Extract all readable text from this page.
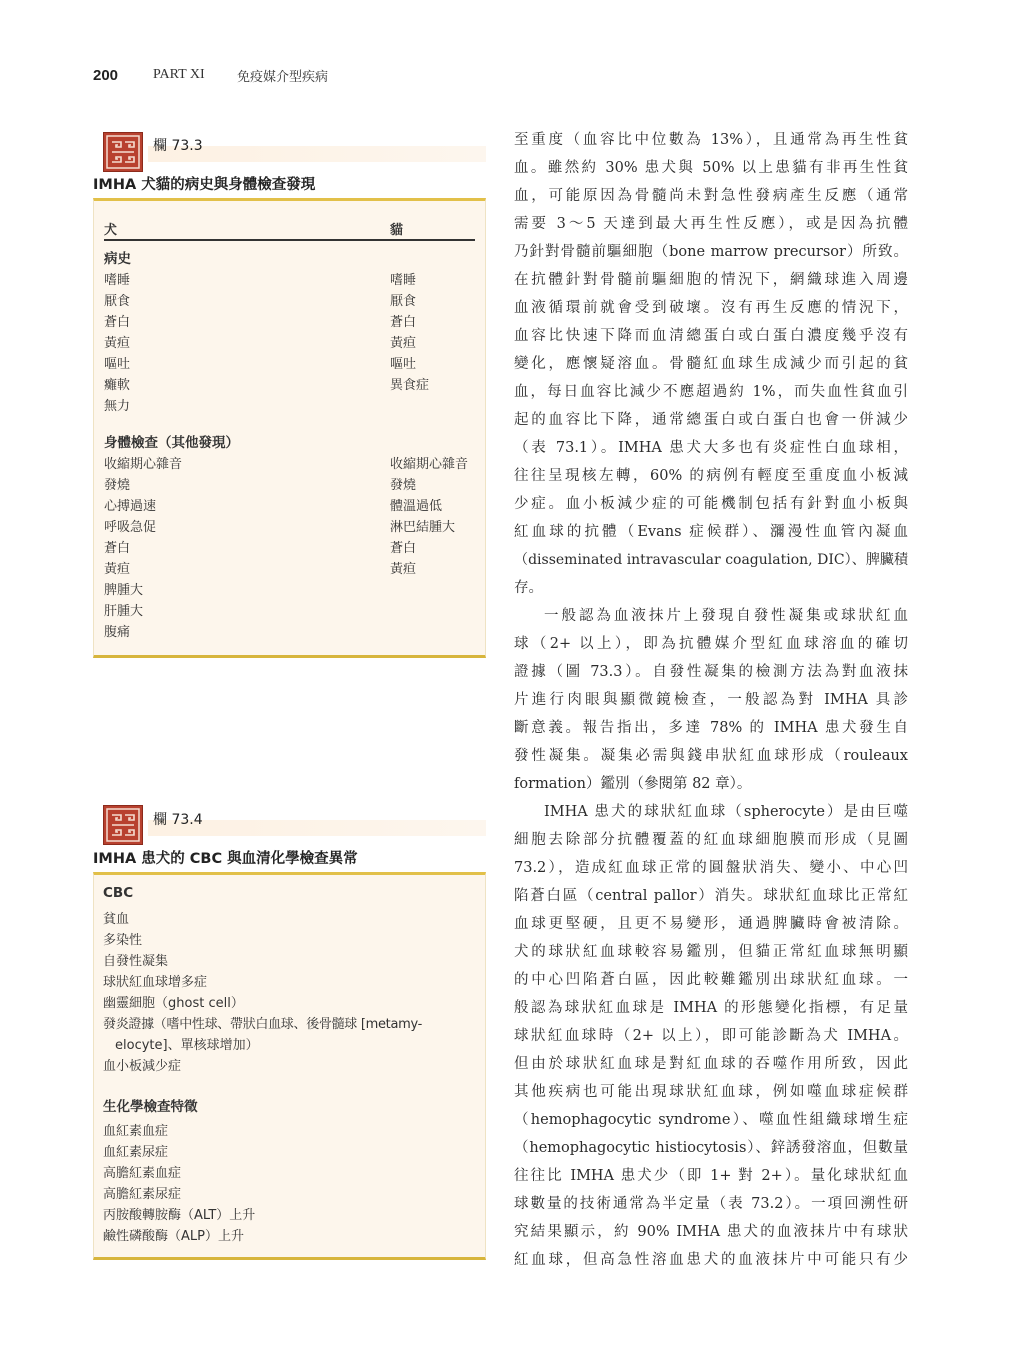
200	PART XI	免疫媒介型疾病
欄 73.3
IMHA 犬貓的病史與身體檢查發現
犬	貓
病史
嗜睡	嗜睡
厭食	厭食
蒼白	蒼白
黃疸	黃疸
嘔吐	嘔吐
癱軟	異食症
無力
身體檢查（其他發現）
收縮期心雜音	收縮期心雜音
發燒	發燒
心搏過速	體溫過低
呼吸急促	淋巴結腫大
蒼白	蒼白
黃疸	黃疸
脾腫大
肝腫大
腹痛
欄 73.4
IMHA 患犬的 CBC 與血清化學檢查異常
CBC
貧血
多染性
自發性凝集
球狀紅血球增多症
幽靈細胞（ghost cell）
發炎證據（嗜中性球、帶狀白血球、後骨髓球 [metamy-
elocyte]、單核球增加）
血小板減少症
生化學檢查特徵
血紅素血症
血紅素尿症
高膽紅素血症
高膽紅素尿症
丙胺酸轉胺酶（ALT）上升
鹼性磷酸酶（ALP）上升
至重度（血容比中位數為 13%），且通常為再生性貧
血。雖然約 30% 患犬與 50% 以上患貓有非再生性貧
血，可能原因為骨髓尚未對急性發病產生反應（通常
需要 3～5 天達到最大再生性反應），或是因為抗體
乃針對骨髓前驅細胞（bone marrow precursor）所致。
在抗體針對骨髓前驅細胞的情況下，網織球進入周邊
血液循環前就會受到破壞。沒有再生反應的情況下，
血容比快速下降而血清總蛋白或白蛋白濃度幾乎沒有
變化，應懷疑溶血。骨髓紅血球生成減少而引起的貧
血，每日血容比減少不應超過約 1%，而失血性貧血引
起的血容比下降，通常總蛋白或白蛋白也會一併減少
（表 73.1）。IMHA 患犬大多也有炎症性白血球相，
往往呈現核左轉，60% 的病例有輕度至重度血小板減
少症。血小板減少症的可能機制包括有針對血小板與
紅血球的抗體（Evans 症候群）、瀰漫性血管內凝血
（disseminated intravascular coagulation, DIC）、脾臟積
存。
一般認為血液抹片上發現自發性凝集或球狀紅血
球（2+ 以上），即為抗體媒介型紅血球溶血的確切
證據（圖 73.3）。自發性凝集的檢測方法為對血液抹
片進行肉眼與顯微鏡檢查，一般認為對 IMHA 具診
斷意義。報告指出，多達 78% 的 IMHA 患犬發生自
發性凝集。凝集必需與錢串狀紅血球形成（rouleaux
formation）鑑別（參閱第 82 章）。
IMHA 患犬的球狀紅血球（spherocyte）是由巨噬
細胞去除部分抗體覆蓋的紅血球細胞膜而形成（見圖
73.2），造成紅血球正常的圓盤狀消失、變小、中心凹
陷蒼白區（central pallor）消失。球狀紅血球比正常紅
血球更堅硬，且更不易變形，通過脾臟時會被清除。
犬的球狀紅血球較容易鑑別，但貓正常紅血球無明顯
的中心凹陷蒼白區，因此較難鑑別出球狀紅血球。一
般認為球狀紅血球是 IMHA 的形態變化指標，有足量
球狀紅血球時（2+ 以上），即可能診斷為犬 IMHA。
但由於球狀紅血球是對紅血球的吞噬作用所致，因此
其他疾病也可能出現球狀紅血球，例如噬血球症候群
（hemophagocytic syndrome）、噬血性組織球增生症
（hemophagocytic histiocytosis）、鋅誘發溶血，但數量
往往比 IMHA 患犬少（即 1+ 對 2+）。量化球狀紅血
球數量的技術通常為半定量（表 73.2）。一項回溯性研
究結果顯示，約 90% IMHA 患犬的血液抹片中有球狀
紅血球，但高急性溶血患犬的血液抹片中可能只有少
